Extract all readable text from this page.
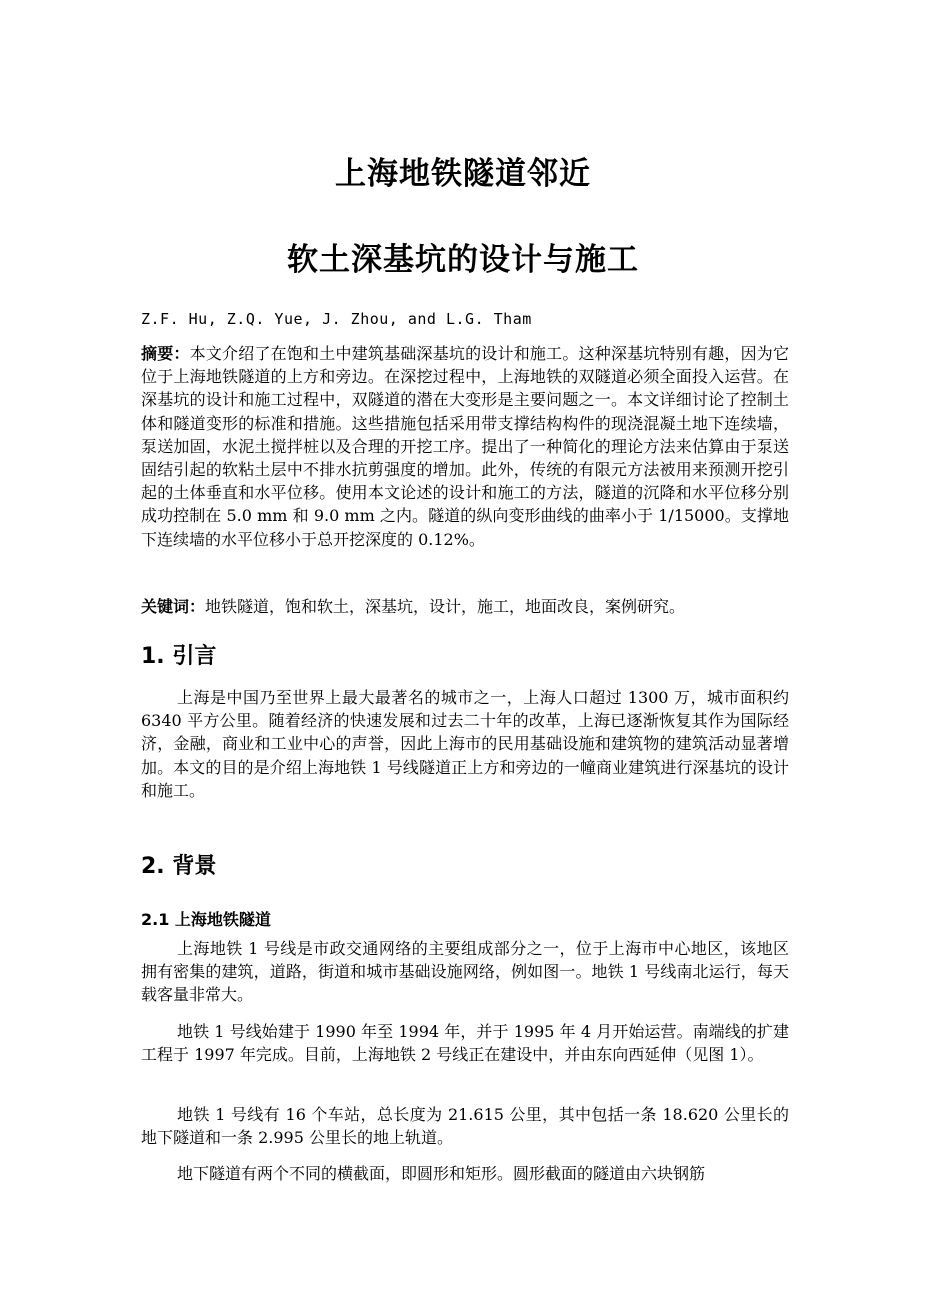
上海地铁隧道邻近
软土深基坑的设计与施工
Z.F. Hu, Z.Q. Yue, J. Zhou, and L.G. Tham
摘要：本文介绍了在饱和土中建筑基础深基坑的设计和施工。这种深基坑特别有趣，因为它位于上海地铁隧道的上方和旁边。在深挖过程中，上海地铁的双隧道必须全面投入运营。在深基坑的设计和施工过程中，双隧道的潜在大变形是主要问题之一。本文详细讨论了控制土体和隧道变形的标准和措施。这些措施包括采用带支撑结构构件的现浇混凝土地下连续墙，泵送加固，水泥土搅拌桩以及合理的开挖工序。提出了一种简化的理论方法来估算由于泵送固结引起的软粘土层中不排水抗剪强度的增加。此外，传统的有限元方法被用来预测开挖引起的土体垂直和水平位移。使用本文论述的设计和施工的方法，隧道的沉降和水平位移分别成功控制在 5.0 mm 和 9.0 mm 之内。隧道的纵向变形曲线的曲率小于 1/15000。支撑地下连续墙的水平位移小于总开挖深度的 0.12%。
关键词：地铁隧道，饱和软土，深基坑，设计，施工，地面改良，案例研究。
1. 引言
上海是中国乃至世界上最大最著名的城市之一，上海人口超过 1300 万，城市面积约 6340 平方公里。随着经济的快速发展和过去二十年的改革，上海已逐渐恢复其作为国际经济，金融，商业和工业中心的声誉，因此上海市的民用基础设施和建筑物的建筑活动显著增加。本文的目的是介绍上海地铁 1 号线隧道正上方和旁边的一幢商业建筑进行深基坑的设计和施工。
2. 背景
2.1 上海地铁隧道
上海地铁 1 号线是市政交通网络的主要组成部分之一，位于上海市中心地区，该地区拥有密集的建筑，道路，街道和城市基础设施网络，例如图一。地铁 1 号线南北运行，每天载客量非常大。
地铁 1 号线始建于 1990 年至 1994 年，并于 1995 年 4 月开始运营。南端线的扩建工程于 1997 年完成。目前，上海地铁 2 号线正在建设中，并由东向西延伸（见图 1）。
地铁 1 号线有 16 个车站，总长度为 21.615 公里，其中包括一条 18.620 公里长的地下隧道和一条 2.995 公里长的地上轨道。
地下隧道有两个不同的横截面，即圆形和矩形。圆形截面的隧道由六块钢筋
